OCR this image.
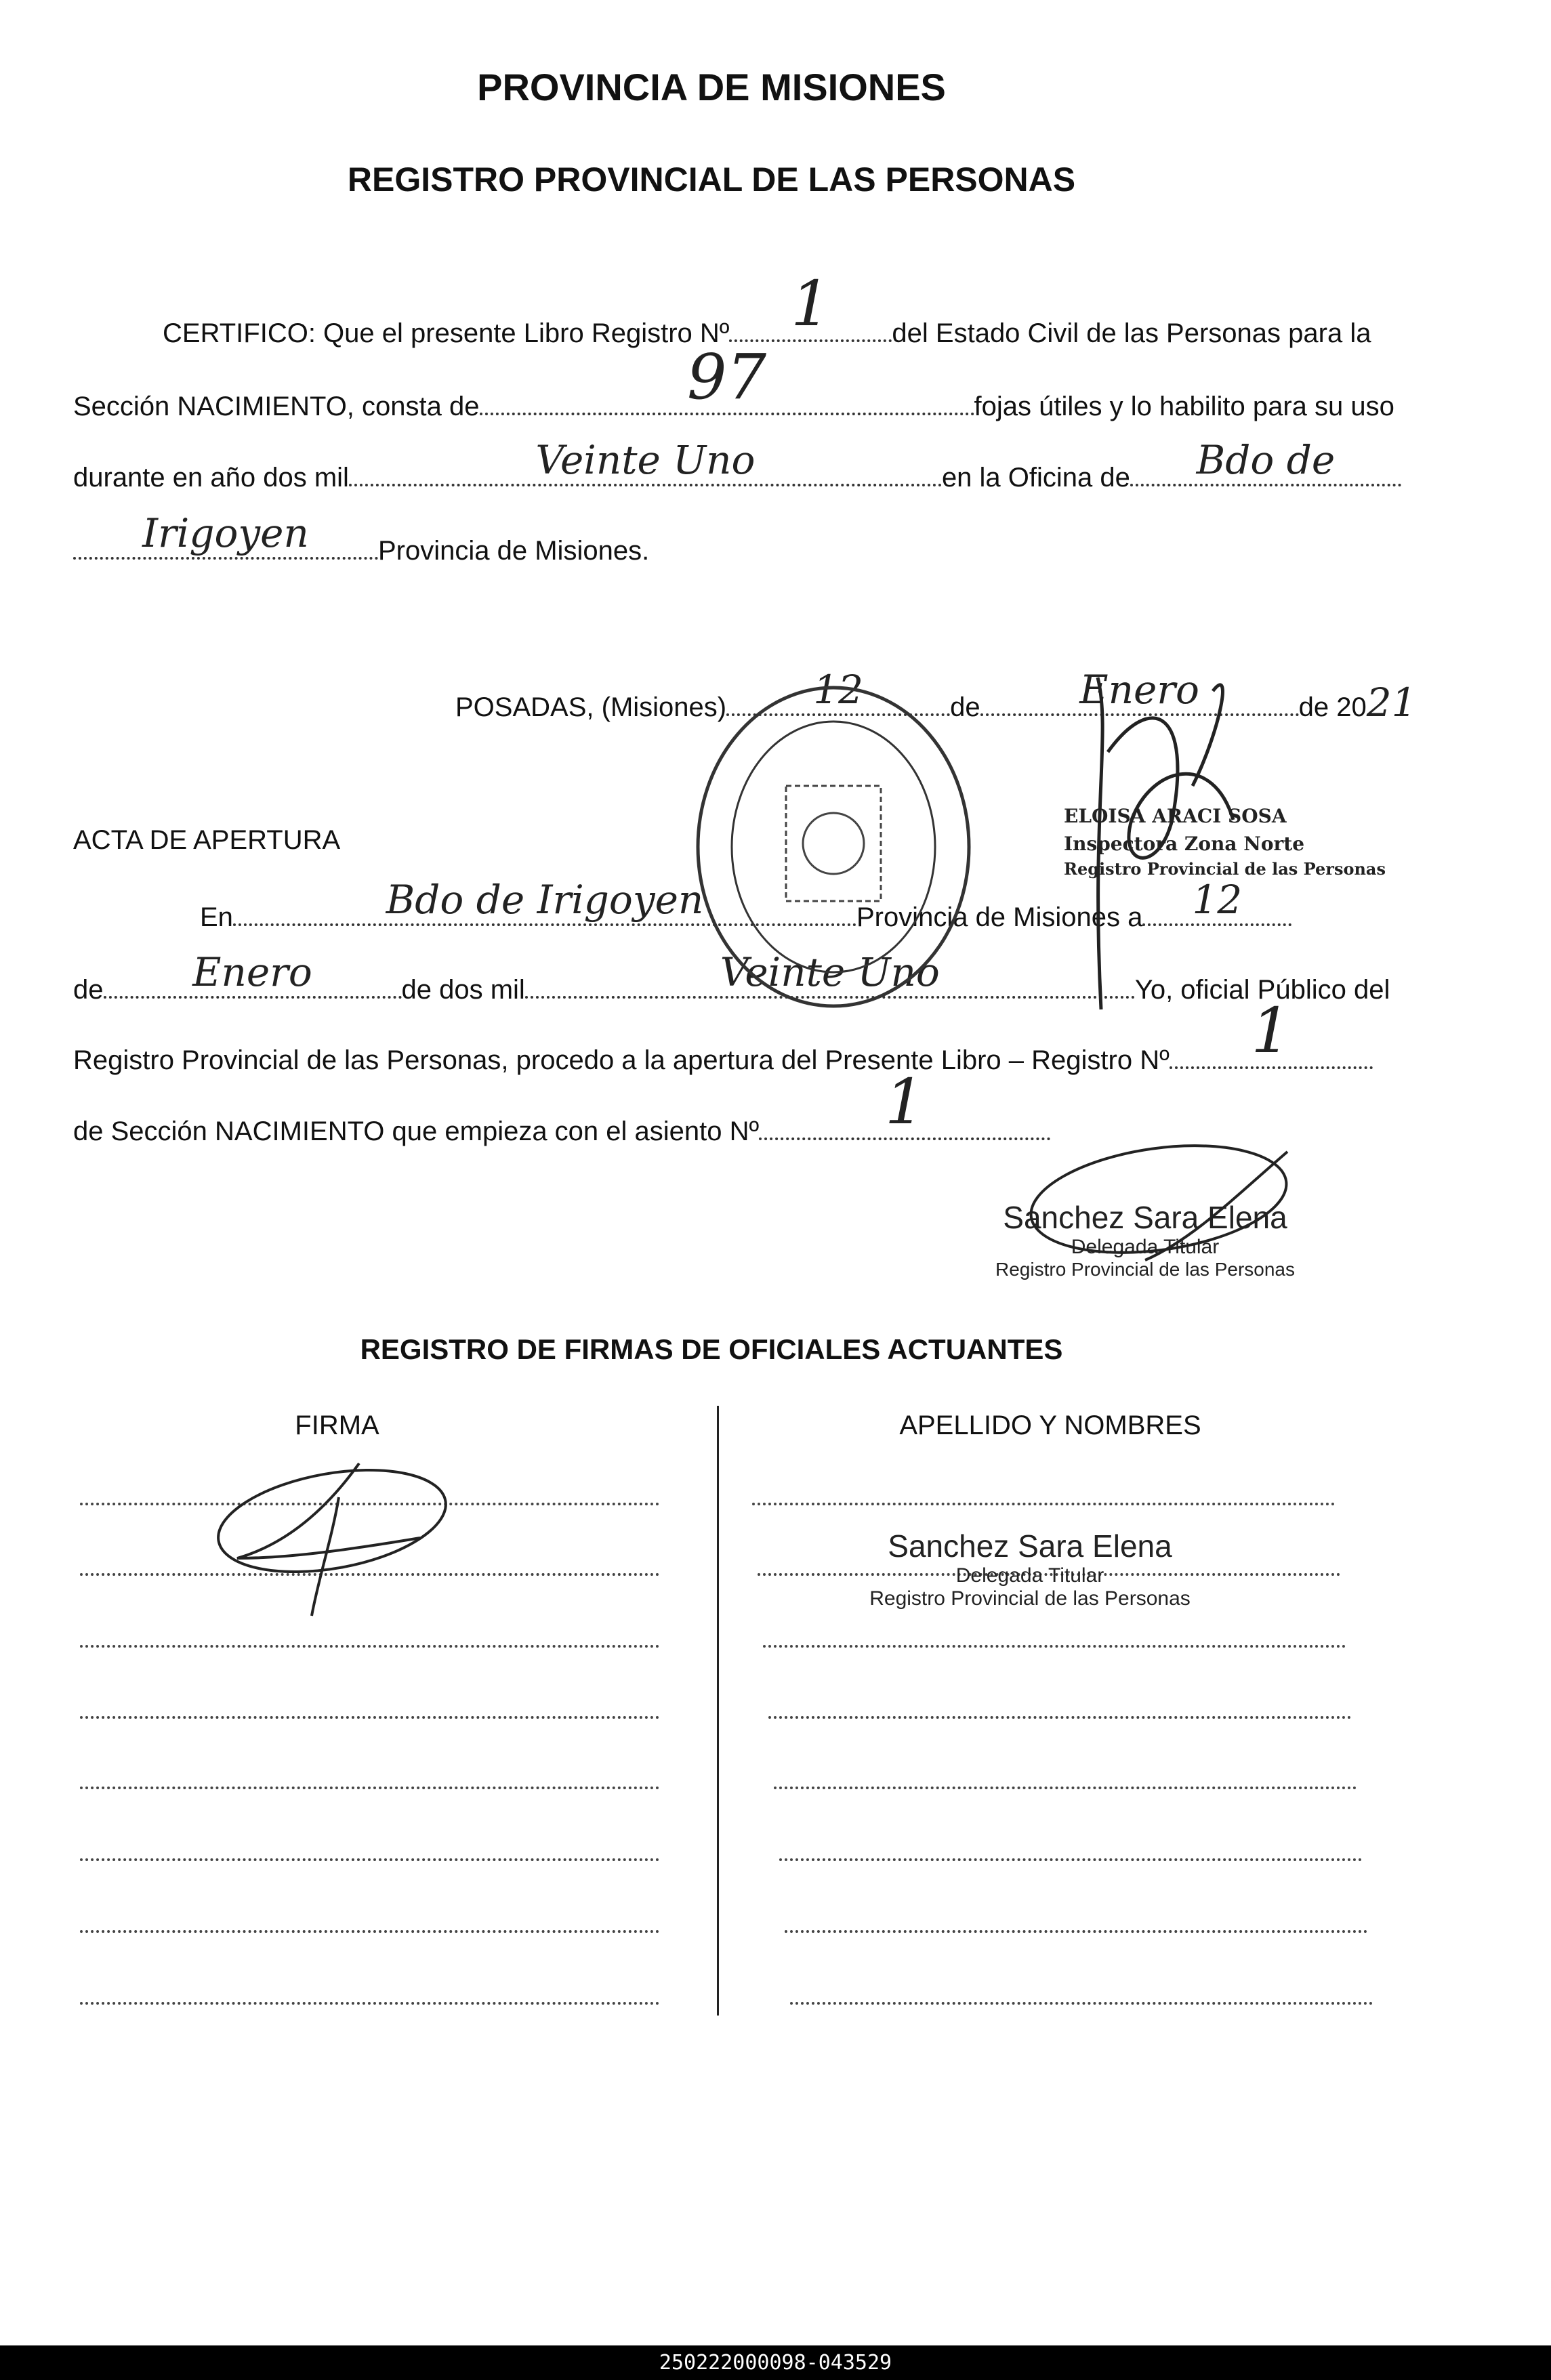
PROVINCIA DE MISIONES
REGISTRO PROVINCIAL DE LAS PERSONAS
CERTIFICO: Que el presente Libro Registro Nº 1	del Estado Civil de las Personas para la
Sección NACIMIENTO, consta de	97	fojas útiles y lo habilito para su uso
durante en año dos mil	Veinte Uno	en la Oficina de	Bdo de
Irigoyen	Provincia de Misiones.
POSADAS, (Misiones)	12	de	Enero	de 2021
ACTA DE APERTURA
En	Bdo de Irigoyen	Provincia de Misiones a	12
de	Enero	de dos mil	Veinte Uno	Yo, oficial Público del
Registro Provincial de las Personas, procedo a la apertura del Presente Libro – Registro Nº	1
de Sección NACIMIENTO que empieza con el asiento Nº	1
ELOISA ARACI SOSA
Inspectora Zona Norte
Registro Provincial de las Personas
Sanchez Sara Elena
Delegada Titular
Registro Provincial de las Personas
REGISTRO DE FIRMAS DE OFICIALES ACTUANTES
FIRMA	APELLIDO Y NOMBRES
Sanchez Sara Elena
Delegada Titular
Registro Provincial de las Personas
250222000098-043529
